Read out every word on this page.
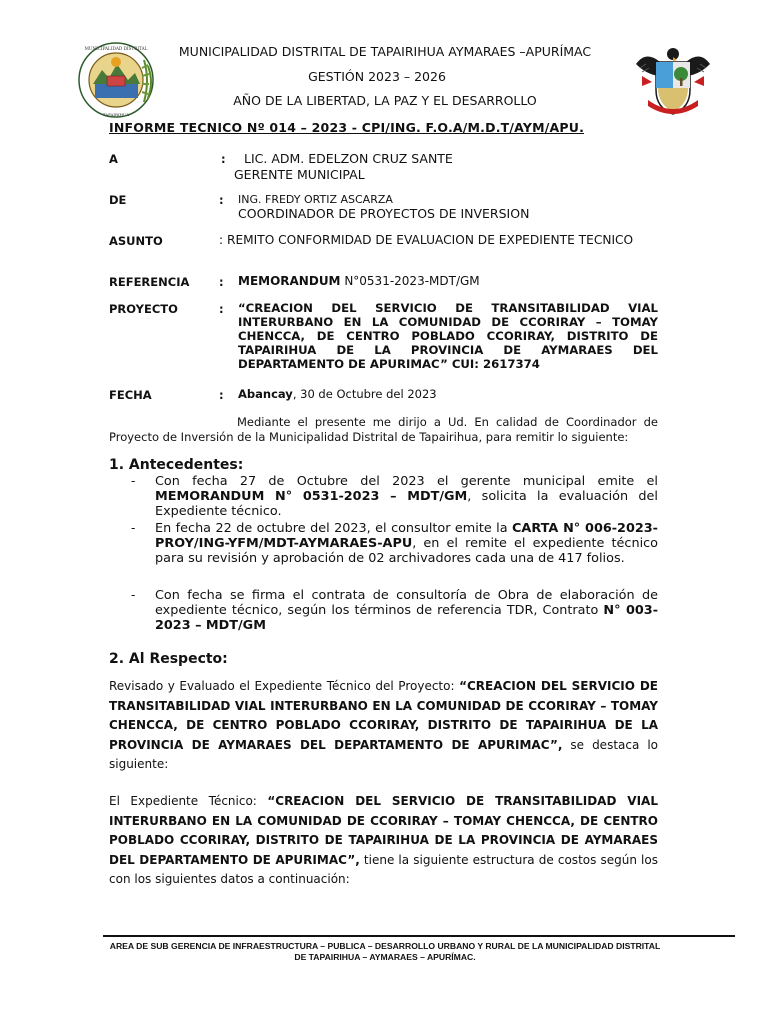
MUNICIPALIDAD DISTRITAL
TAPAIRIHUA
MUNICIPALIDAD DISTRITAL DE TAPAIRIHUA AYMARAES –APURÍMAC
GESTIÓN 2023 – 2026
AÑO DE LA LIBERTAD, LA PAZ Y EL DESARROLLO
INFORME TECNICO Nº 014 – 2023 - CPI/ING. F.O.A/M.D.T/AYM/APU.
A	: LIC. ADM. EDELZON CRUZ SANTE
GERENTE MUNICIPAL
DE	: ING. FREDY ORTIZ ASCARZA
COORDINADOR DE PROYECTOS DE INVERSION
ASUNTO	: REMITO CONFORMIDAD DE EVALUACION DE EXPEDIENTE TECNICO
REFERENCIA	: MEMORANDUM N°0531-2023-MDT/GM
PROYECTO	: “CREACION DEL SERVICIO DE TRANSITABILIDAD VIAL INTERURBANO EN LA COMUNIDAD DE CCORIRAY – TOMAY CHENCCA, DE CENTRO POBLADO CCORIRAY, DISTRITO DE TAPAIRIHUA DE LA PROVINCIA DE AYMARAES DEL DEPARTAMENTO DE APURIMAC” CUI: 2617374
FECHA	: Abancay, 30 de Octubre del 2023
Mediante el presente me dirijo a Ud. En calidad de Coordinador de Proyecto de Inversión de la Municipalidad Distrital de Tapairihua, para remitir lo siguiente:
1. Antecedentes:
- Con fecha 27 de Octubre del 2023 el gerente municipal emite el MEMORANDUM N° 0531-2023 – MDT/GM, solicita la evaluación del Expediente técnico.
- En fecha 22 de octubre del 2023, el consultor emite la CARTA N° 006-2023-PROY/ING-YFM/MDT-AYMARAES-APU, en el remite el expediente técnico para su revisión y aprobación de 02 archivadores cada una de 417 folios.
- Con fecha se firma el contrata de consultoría de Obra de elaboración de expediente técnico, según los términos de referencia TDR, Contrato N° 003- 2023 – MDT/GM
2. Al Respecto:
Revisado y Evaluado el Expediente Técnico del Proyecto: “CREACION DEL SERVICIO DE TRANSITABILIDAD VIAL INTERURBANO EN LA COMUNIDAD DE CCORIRAY – TOMAY CHENCCA, DE CENTRO POBLADO CCORIRAY, DISTRITO DE TAPAIRIHUA DE LA PROVINCIA DE AYMARAES DEL DEPARTAMENTO DE APURIMAC”, se destaca lo siguiente:
El Expediente Técnico: “CREACION DEL SERVICIO DE TRANSITABILIDAD VIAL INTERURBANO EN LA COMUNIDAD DE CCORIRAY – TOMAY CHENCCA, DE CENTRO POBLADO CCORIRAY, DISTRITO DE TAPAIRIHUA DE LA PROVINCIA DE AYMARAES DEL DEPARTAMENTO DE APURIMAC”, tiene la siguiente estructura de costos según los con los siguientes datos a continuación:
AREA DE SUB GERENCIA DE INFRAESTRUCTURA – PUBLICA – DESARROLLO URBANO Y RURAL DE LA MUNICIPALIDAD DISTRITAL
DE TAPAIRIHUA – AYMARAES – APURÍMAC.
